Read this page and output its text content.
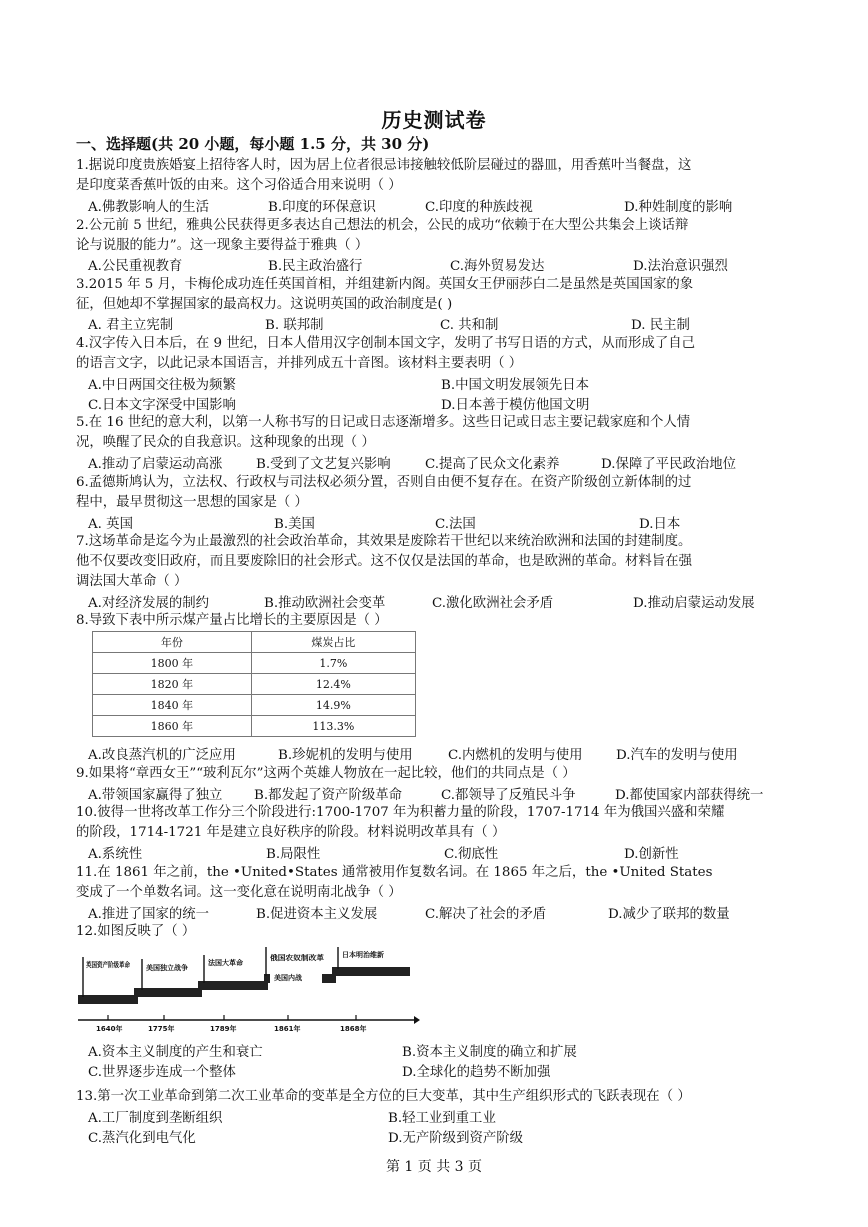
历史测试卷
一、选择题(共 20 小题，每小题 1.5 分，共 30 分)

1.据说印度贵族婚宴上招待客人时，因为居上位者很忌讳接触较低阶层碰过的器皿，用香蕉叶当餐盘，这

是印度菜香蕉叶饭的由来。这个习俗适合用来说明（ ）

A.佛教影响人的生活	B.印度的环保意识	C.印度的种族歧视	D.种姓制度的影响

2.公元前 5 世纪，雅典公民获得更多表达自己想法的机会，公民的成功“依赖于在大型公共集会上谈话辩

论与说服的能力”。这一现象主要得益于雅典（ ）

A.公民重视教育	B.民主政治盛行	C.海外贸易发达	D.法治意识强烈

3.2015 年 5 月，卡梅伦成功连任英国首相，并组建新内阁。英国女王伊丽莎白二是虽然是英国国家的象

征，但她却不掌握国家的最高权力。这说明英国的政治制度是( )

A. 君主立宪制	B. 联邦制	C. 共和制	D. 民主制

4.汉字传入日本后，在 9 世纪，日本人借用汉字创制本国文字，发明了书写日语的方式，从而形成了自己

的语言文字，以此记录本国语言，并排列成五十音图。该材料主要表明（ ）

A.中日两国交往极为频繁	B.中国文明发展领先日本
C.日本文字深受中国影响	D.日本善于模仿他国文明

5.在 16 世纪的意大利，以第一人称书写的日记或日志逐渐增多。这些日记或日志主要记载家庭和个人情

况，唤醒了民众的自我意识。这种现象的出现（ ）

A.推动了启蒙运动高涨	B.受到了文艺复兴影响	C.提高了民众文化素养	D.保障了平民政治地位

6.孟德斯鸠认为，立法权、行政权与司法权必须分置，否则自由便不复存在。在资产阶级创立新体制的过

程中，最早贯彻这一思想的国家是（ ）

A. 英国	B.美国	C.法国	D.日本

7.这场革命是迄今为止最激烈的社会政治革命，其效果是废除若干世纪以来统治欧洲和法国的封建制度。

他不仅要改变旧政府，而且要废除旧的社会形式。这不仅仅是法国的革命，也是欧洲的革命。材料旨在强

调法国大革命（ ）

A.对经济发展的制约	B.推动欧洲社会变革	C.激化欧洲社会矛盾	D.推动启蒙运动发展

8.导致下表中所示煤产量占比增长的主要原因是（ ）

年份	煤炭占比
1800 年	1.7%
1820 年	12.4%
1840 年	14.9%
1860 年	113.3%
A.改良蒸汽机的广泛应用	B.珍妮机的发明与使用	C.内燃机的发明与使用 D.汽车的发明与使用

9.如果将“章西女王”“玻利瓦尔”这两个英雄人物放在一起比较，他们的共同点是（ ）

A.带领国家赢得了独立 B.都发起了资产阶级革命	C.都领导了反殖民斗争	D.都使国家内部获得统一

10.彼得一世将改革工作分三个阶段进行:1700-1707 年为积蓄力量的阶段，1707-1714 年为俄国兴盛和荣耀

的阶段，1714-1721 年是建立良好秩序的阶段。材料说明改革具有（ ）

A.系统性	B.局限性	C.彻底性	D.创新性

11.在 1861 年之前，the •United•States 通常被用作复数名词。在 1865 年之后，the •United States

变成了一个单数名词。这一变化意在说明南北战争（ ）

A.推进了国家的统一	B.促进资本主义发展	C.解决了社会的矛盾	D.减少了联邦的数量

12.如图反映了（ ）

英国资产阶级革命 美国独立战争
法国大革命
俄国农奴制改革
美国内战
日本明治维新
1640年	1775年	1789年	1861年	1868年
A.资本主义制度的产生和衰亡	B.资本主义制度的确立和扩展
C.世界逐步连成一个整体	D.全球化的趋势不断加强

13.第一次工业革命到第二次工业革命的变革是全方位的巨大变革，其中生产组织形式的飞跃表现在（ ）

A.工厂制度到垄断组织	B.轻工业到重工业
C.蒸汽化到电气化	D.无产阶级到资产阶级
第 1 页 共 3 页
